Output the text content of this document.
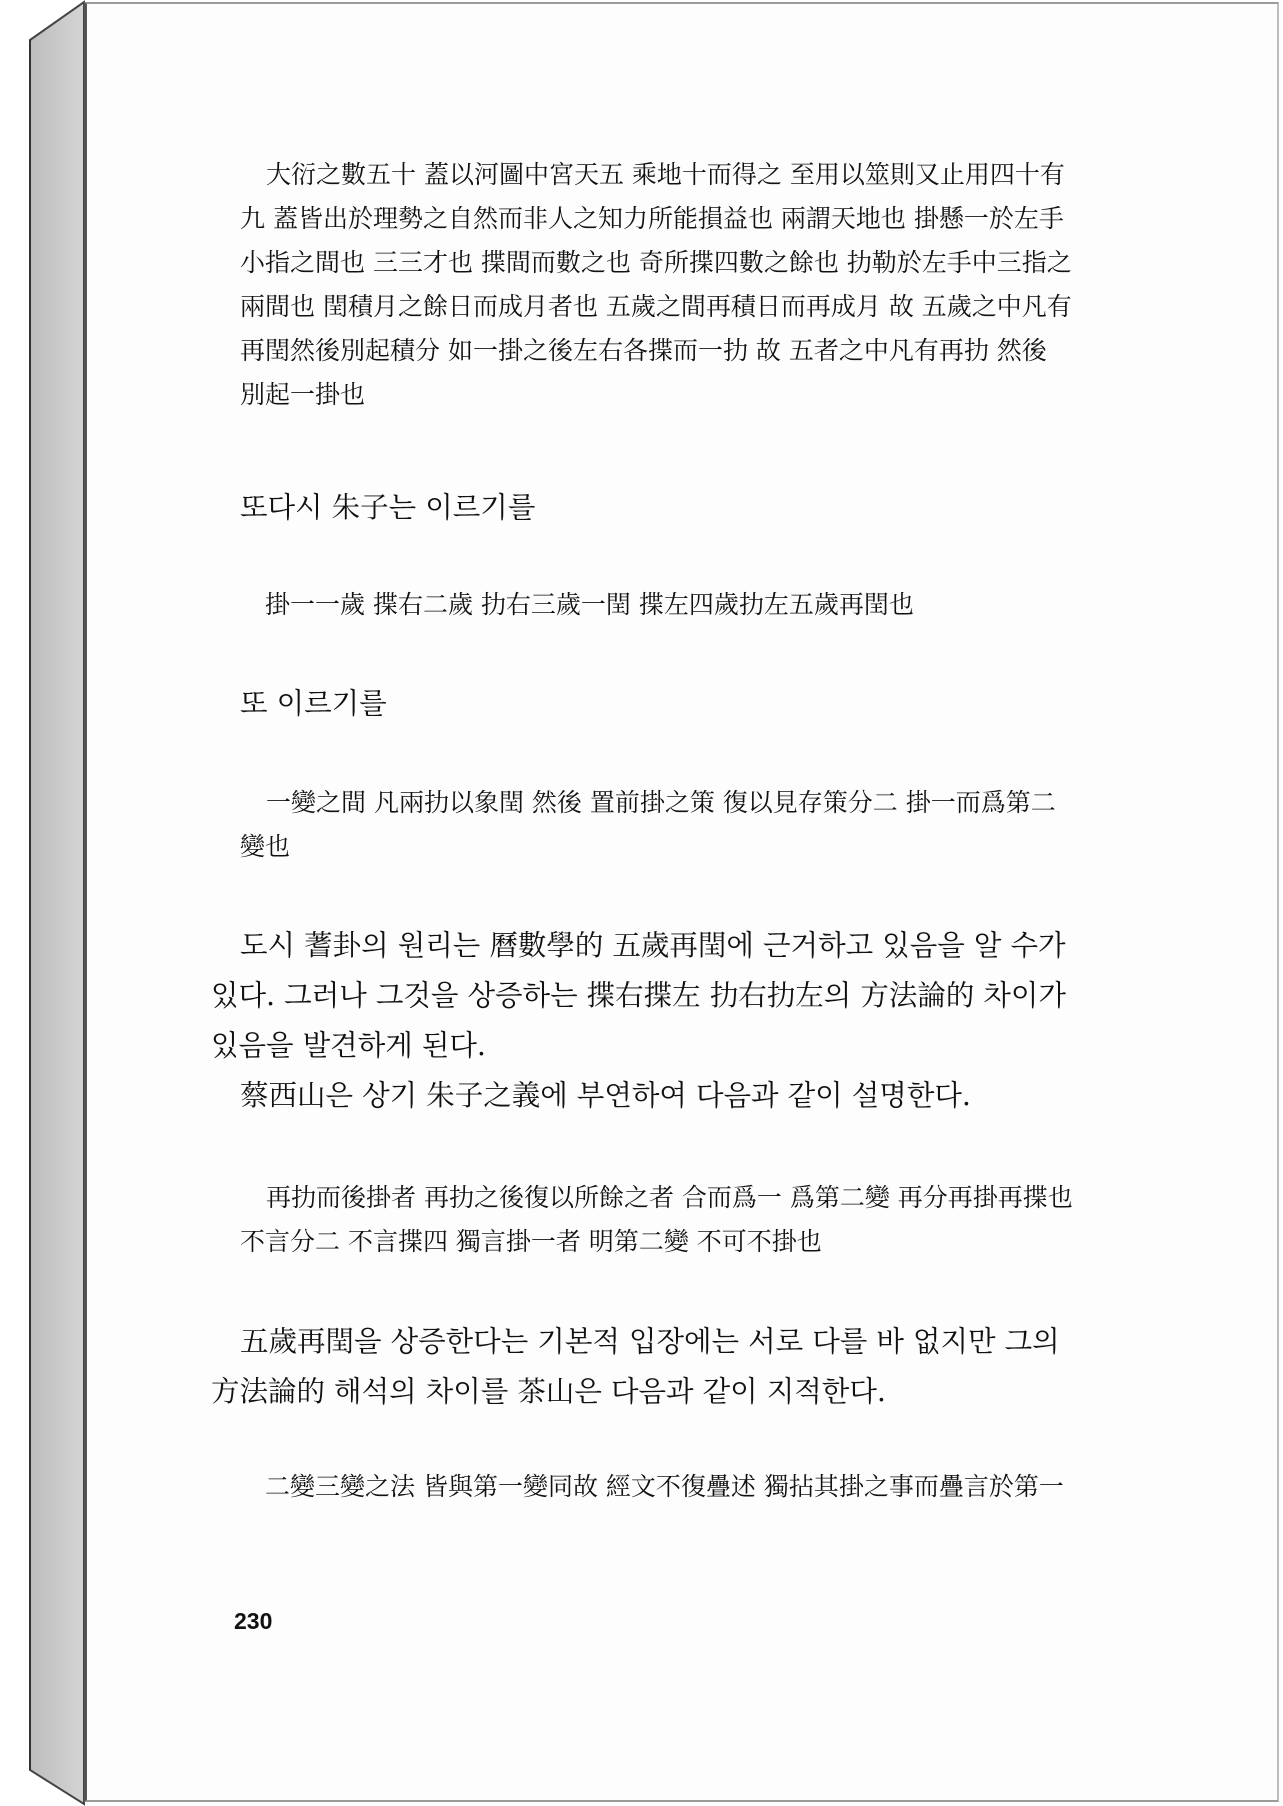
大衍之數五十 蓋以河圖中宮天五 乘地十而得之 至用以筮則又止用四十有
九 蓋皆出於理勢之自然而非人之知力所能損益也 兩謂天地也 掛懸一於左手
小指之間也 三三才也 揲間而數之也 奇所揲四數之餘也 扐勒於左手中三指之
兩間也 閏積月之餘日而成月者也 五歲之間再積日而再成月 故 五歲之中凡有
再閏然後別起積分 如一掛之後左右各揲而一扐 故 五者之中凡有再扐 然後
別起一掛也
또다시 朱子는 이르기를
掛一一歲 揲右二歲 扐右三歲一閏 揲左四歲扐左五歲再閏也
또 이르기를
一變之間 凡兩扐以象閏 然後 置前掛之策 復以見存策分二 掛一而爲第二
變也
도시 蓍卦의 원리는 曆數學的 五歲再閏에 근거하고 있음을 알 수가
있다. 그러나 그것을 상증하는 揲右揲左 扐右扐左의 方法論的 차이가
있음을 발견하게 된다.
蔡西山은 상기 朱子之義에 부연하여 다음과 같이 설명한다.
再扐而後掛者 再扐之後復以所餘之者 合而爲一 爲第二變 再分再掛再揲也
不言分二 不言揲四 獨言掛一者 明第二變 不可不掛也
五歲再閏을 상증한다는 기본적 입장에는 서로 다를 바 없지만 그의
方法論的 해석의 차이를 茶山은 다음과 같이 지적한다.
二變三變之法 皆與第一變同故 經文不復疊述 獨拈其掛之事而疊言於第一
230
